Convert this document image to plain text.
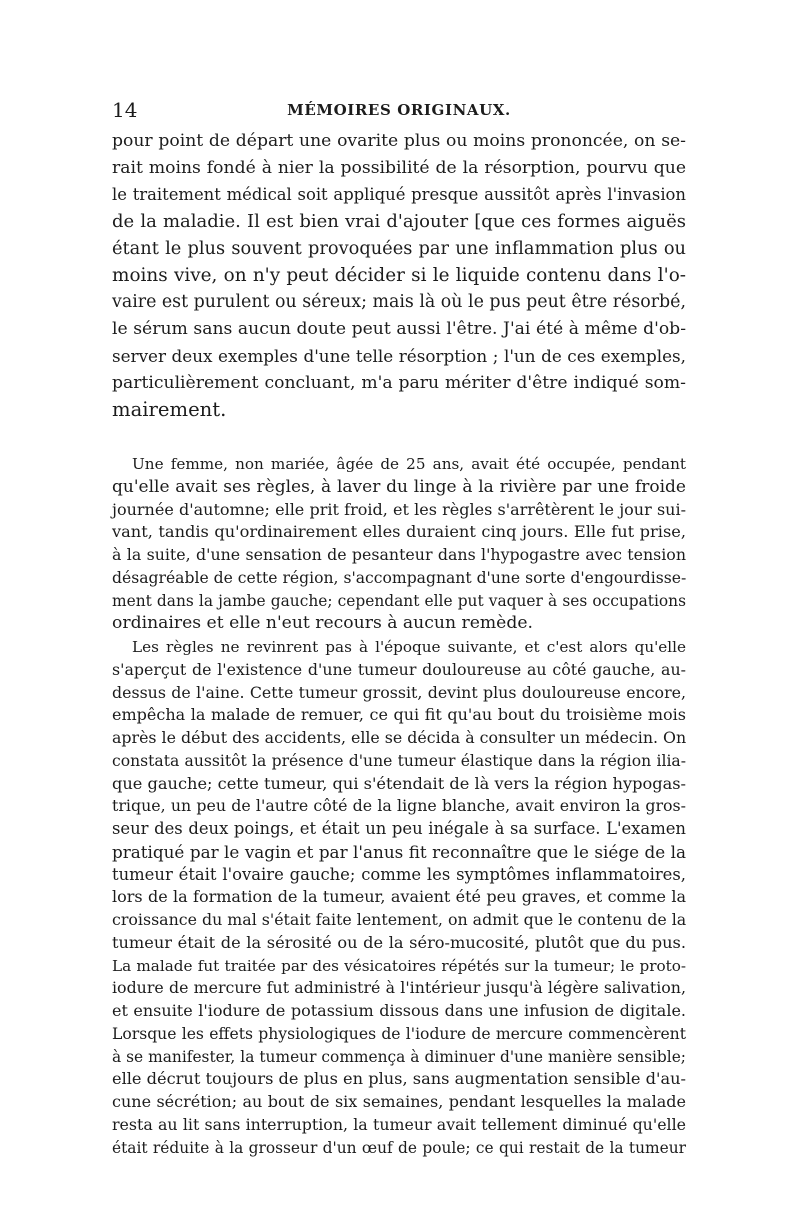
14	MÉMOIRES ORIGINAUX.
pour point de départ une ovarite plus ou moins prononcée, on se-
rait moins fondé à nier la possibilité de la résorption, pourvu que
le traitement médical soit appliqué presque aussitôt après l'invasion
de la maladie. Il est bien vrai d'ajouter [que ces formes aiguës
étant le plus souvent provoquées par une inflammation plus ou
moins vive, on n'y peut décider si le liquide contenu dans l'o-
vaire est purulent ou séreux; mais là où le pus peut être résorbé,
le sérum sans aucun doute peut aussi l'être. J'ai été à même d'ob-
server deux exemples d'une telle résorption ; l'un de ces exemples,
particulièrement concluant, m'a paru mériter d'être indiqué som-
mairement.
Une femme, non mariée, âgée de 25 ans, avait été occupée, pendant
qu'elle avait ses règles, à laver du linge à la rivière par une froide
journée d'automne; elle prit froid, et les règles s'arrêtèrent le jour sui-
vant, tandis qu'ordinairement elles duraient cinq jours. Elle fut prise,
à la suite, d'une sensation de pesanteur dans l'hypogastre avec tension
désagréable de cette région, s'accompagnant d'une sorte d'engourdisse-
ment dans la jambe gauche; cependant elle put vaquer à ses occupations
ordinaires et elle n'eut recours à aucun remède.
Les règles ne revinrent pas à l'époque suivante, et c'est alors qu'elle
s'aperçut de l'existence d'une tumeur douloureuse au côté gauche, au-
dessus de l'aine. Cette tumeur grossit, devint plus douloureuse encore,
empêcha la malade de remuer, ce qui fit qu'au bout du troisième mois
après le début des accidents, elle se décida à consulter un médecin. On
constata aussitôt la présence d'une tumeur élastique dans la région ilia-
que gauche; cette tumeur, qui s'étendait de là vers la région hypogas-
trique, un peu de l'autre côté de la ligne blanche, avait environ la gros-
seur des deux poings, et était un peu inégale à sa surface. L'examen
pratiqué par le vagin et par l'anus fit reconnaître que le siége de la
tumeur était l'ovaire gauche; comme les symptômes inflammatoires,
lors de la formation de la tumeur, avaient été peu graves, et comme la
croissance du mal s'était faite lentement, on admit que le contenu de la
tumeur était de la sérosité ou de la séro-mucosité, plutôt que du pus.
La malade fut traitée par des vésicatoires répétés sur la tumeur; le proto-
iodure de mercure fut administré à l'intérieur jusqu'à légère salivation,
et ensuite l'iodure de potassium dissous dans une infusion de digitale.
Lorsque les effets physiologiques de l'iodure de mercure commencèrent
à se manifester, la tumeur commença à diminuer d'une manière sensible;
elle décrut toujours de plus en plus, sans augmentation sensible d'au-
cune sécrétion; au bout de six semaines, pendant lesquelles la malade
resta au lit sans interruption, la tumeur avait tellement diminué qu'elle
était réduite à la grosseur d'un œuf de poule; ce qui restait de la tumeur
